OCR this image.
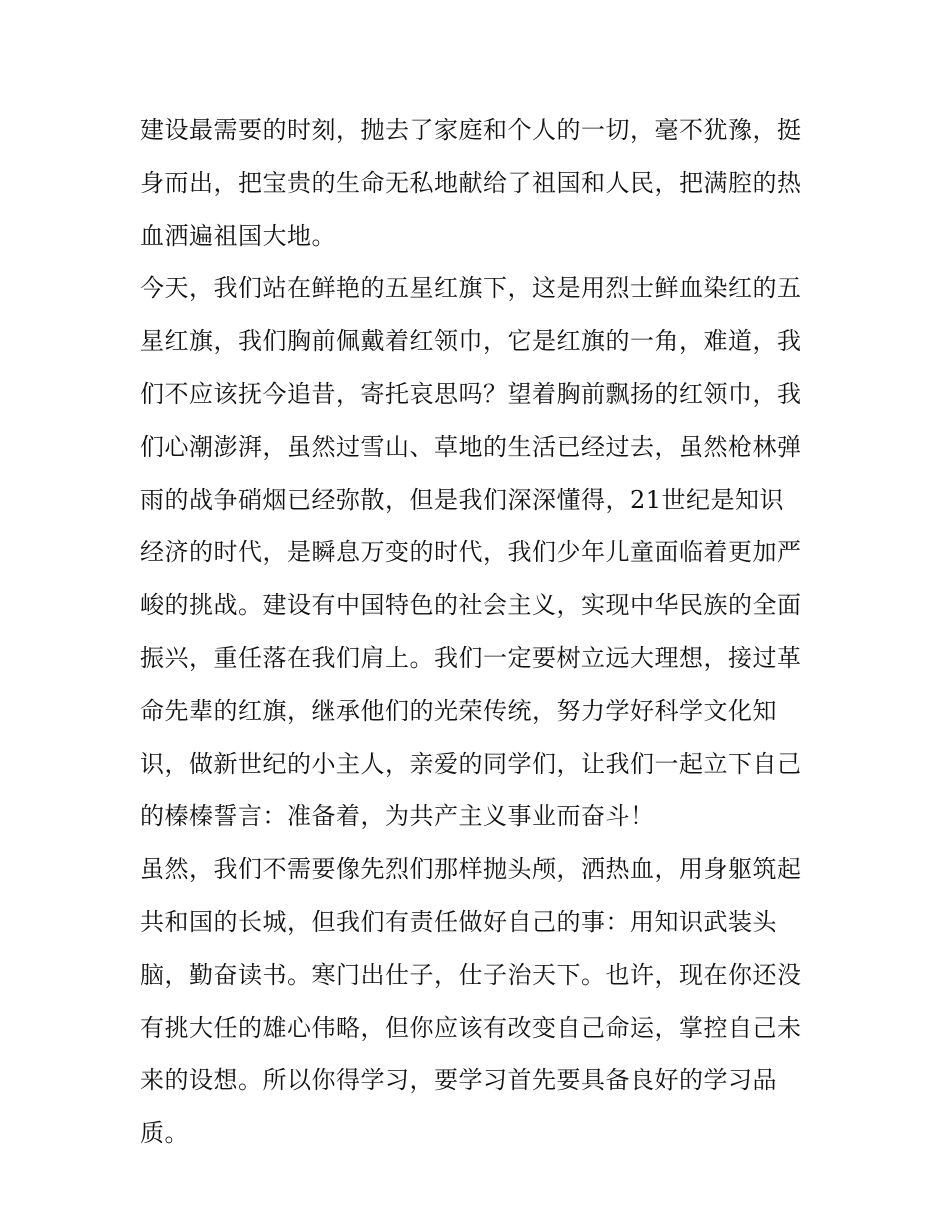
建设最需要的时刻，抛去了家庭和个人的一切，毫不犹豫，挺
身而出，把宝贵的生命无私地献给了祖国和人民，把满腔的热
血洒遍祖国大地。
今天，我们站在鲜艳的五星红旗下，这是用烈士鲜血染红的五
星红旗，我们胸前佩戴着红领巾，它是红旗的一角，难道，我
们不应该抚今追昔，寄托哀思吗？望着胸前飘扬的红领巾，我
们心潮澎湃，虽然过雪山、草地的生活已经过去，虽然枪林弹
雨的战争硝烟已经弥散，但是我们深深懂得，21世纪是知识
经济的时代，是瞬息万变的时代，我们少年儿童面临着更加严
峻的挑战。建设有中国特色的社会主义，实现中华民族的全面
振兴，重任落在我们肩上。我们一定要树立远大理想，接过革
命先辈的红旗，继承他们的光荣传统，努力学好科学文化知
识，做新世纪的小主人，亲爱的同学们，让我们一起立下自己
的榛榛誓言：准备着，为共产主义事业而奋斗！
虽然，我们不需要像先烈们那样抛头颅，洒热血，用身躯筑起
共和国的长城，但我们有责任做好自己的事：用知识武装头
脑，勤奋读书。寒门出仕子，仕子治天下。也许，现在你还没
有挑大任的雄心伟略，但你应该有改变自己命运，掌控自己未
来的设想。所以你得学习，要学习首先要具备良好的学习品
质。
